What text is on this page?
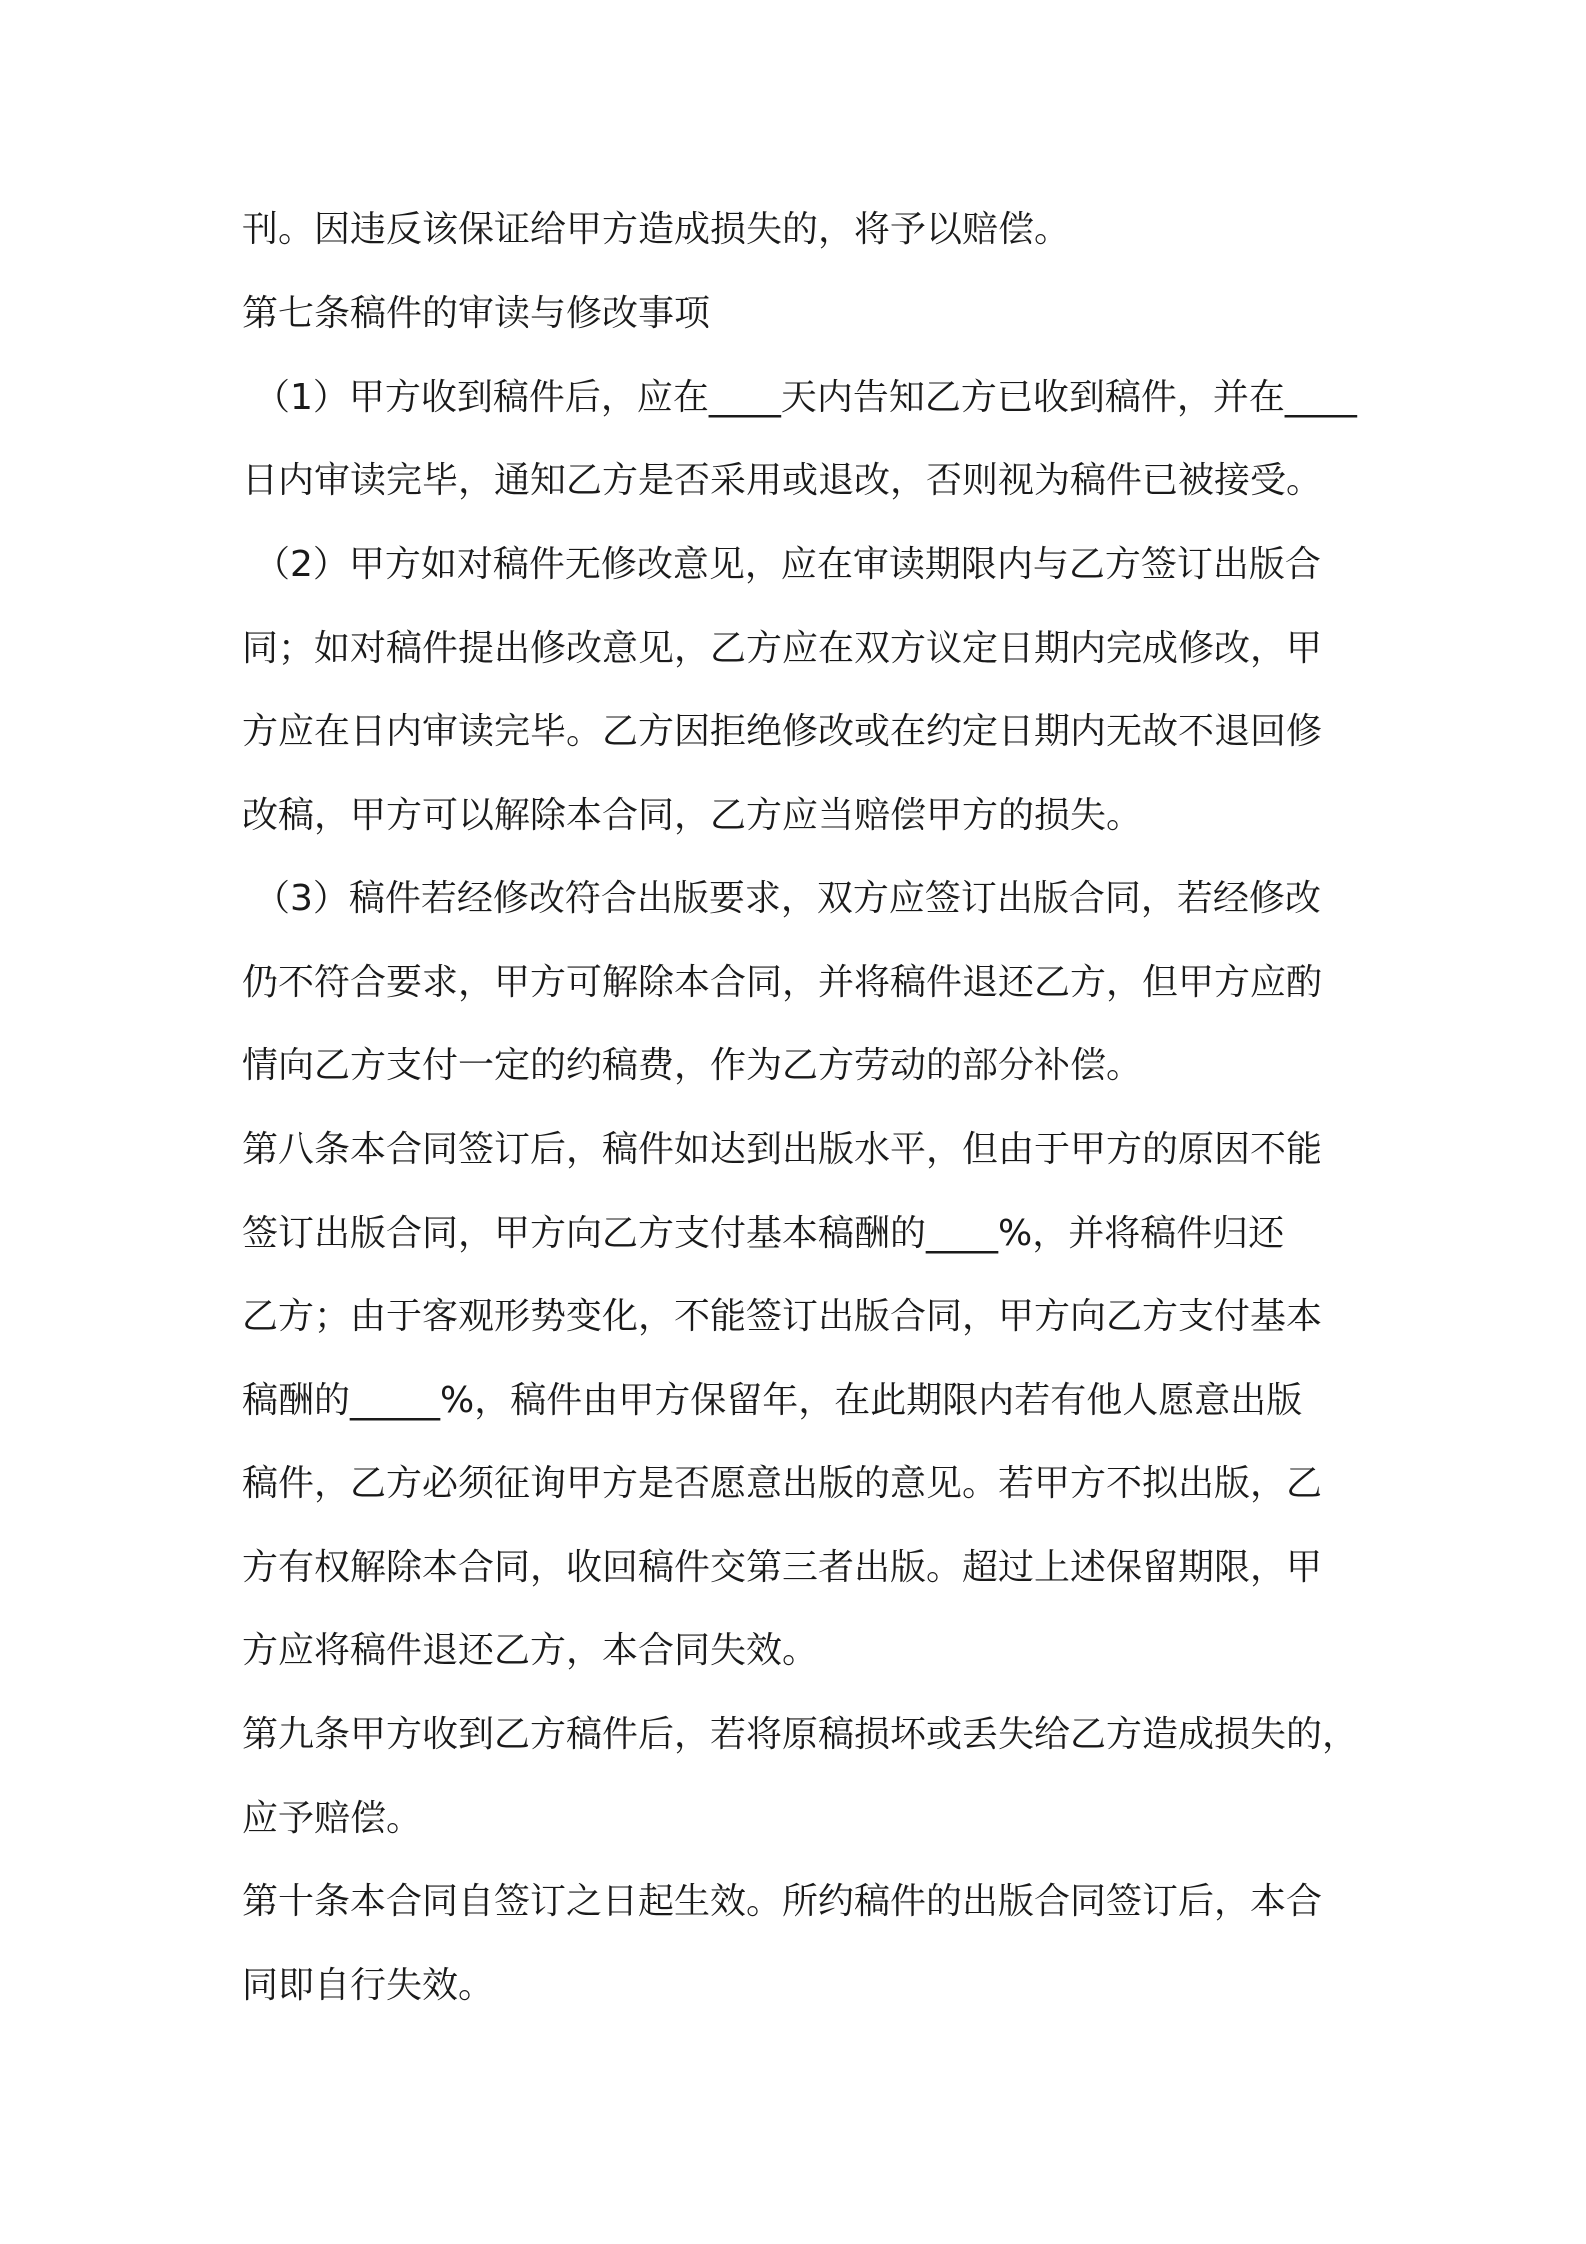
刊。因违反该保证给甲方造成损失的，将予以赔偿。
第七条稿件的审读与修改事项
（1）甲方收到稿件后，应在____天内告知乙方已收到稿件，并在____
日内审读完毕，通知乙方是否采用或退改，否则视为稿件已被接受。
（2）甲方如对稿件无修改意见，应在审读期限内与乙方签订出版合
同；如对稿件提出修改意见，乙方应在双方议定日期内完成修改，甲
方应在日内审读完毕。乙方因拒绝修改或在约定日期内无故不退回修
改稿，甲方可以解除本合同，乙方应当赔偿甲方的损失。
（3）稿件若经修改符合出版要求，双方应签订出版合同，若经修改
仍不符合要求，甲方可解除本合同，并将稿件退还乙方，但甲方应酌
情向乙方支付一定的约稿费，作为乙方劳动的部分补偿。
第八条本合同签订后，稿件如达到出版水平，但由于甲方的原因不能
签订出版合同，甲方向乙方支付基本稿酬的____%，并将稿件归还
乙方；由于客观形势变化，不能签订出版合同，甲方向乙方支付基本
稿酬的_____%，稿件由甲方保留年，在此期限内若有他人愿意出版
稿件，乙方必须征询甲方是否愿意出版的意见。若甲方不拟出版，乙
方有权解除本合同，收回稿件交第三者出版。超过上述保留期限，甲
方应将稿件退还乙方，本合同失效。
第九条甲方收到乙方稿件后，若将原稿损坏或丢失给乙方造成损失的，
应予赔偿。
第十条本合同自签订之日起生效。所约稿件的出版合同签订后，本合
同即自行失效。
